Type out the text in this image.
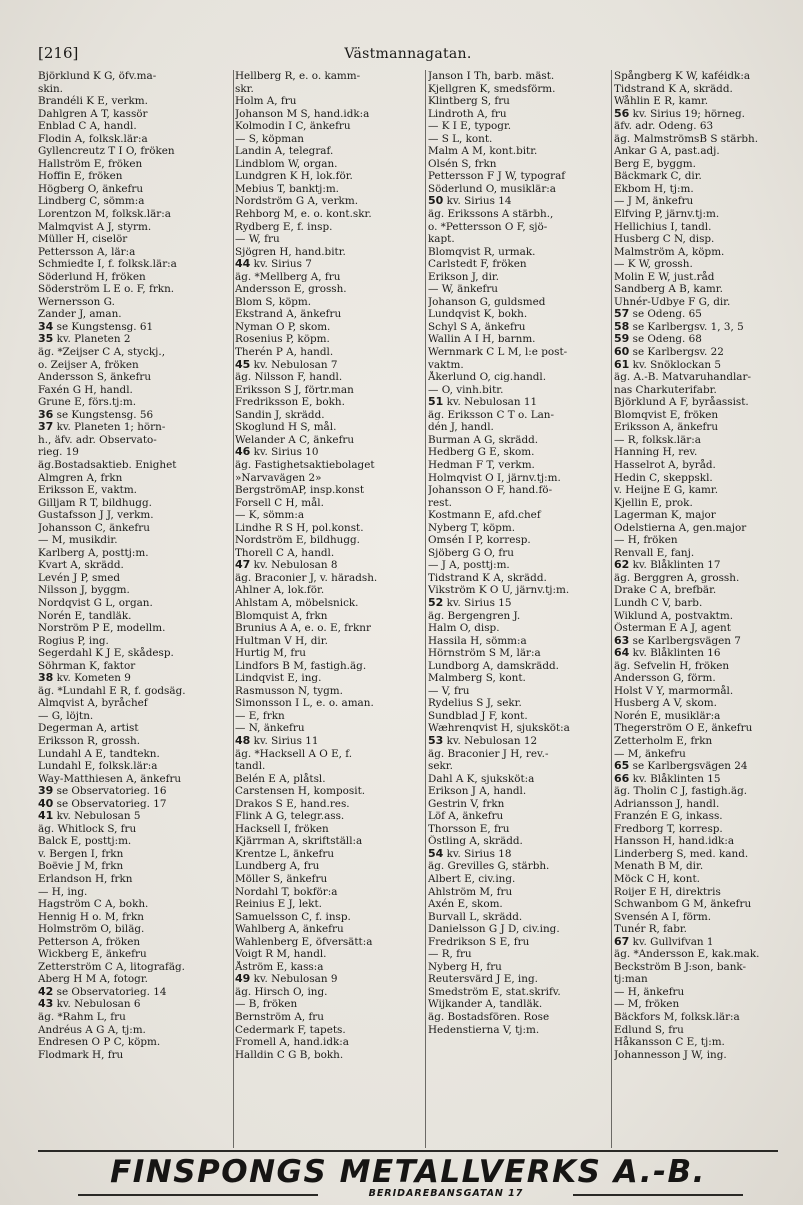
[216]	Västmannagatan.
Björklund K G, öfv.ma-
skin.
Brandéli K E, verkm.
Dahlgren A T, kassör
Enblad C A, handl.
Flodin A, folksk.lär:a
Gyllencreutz T I O, fröken
Hallström E, fröken
Hoffin E, fröken
Högberg O, änkefru
Lindberg C, sömm:a
Lorentzon M, folksk.lär:a
Malmqvist A J, styrm.
Müller H, ciselör
Pettersson A, lär:a
Schmiedte I, f. folksk.lär:a
Söderlund H, fröken
Söderström L E o. F, frkn.
Wernersson G.
Zander J, aman.
34 se Kungstensg. 61
35 kv. Planeten 2
äg. *Zeijser C A, styckj.,
o. Zeijser A, fröken
Andersson S, änkefru
Faxén G H, handl.
Grune E, förs.tj:m.
36 se Kungstensg. 56
37 kv. Planeten 1; hörn-
h., äfv. adr. Observato-
rieg. 19
äg.Bostadsaktieb. Enighet
Almgren A, frkn
Eriksson E, vaktm.
Gilljam R T, bildhugg.
Gustafsson J J, verkm.
Johansson C, änkefru
— M, musikdir.
Karlberg A, posttj:m.
Kvart A, skrädd.
Levén J P, smed
Nilsson J, byggm.
Nordqvist G L, organ.
Norén E, tandläk.
Norström P E, modellm.
Rogius P, ing.
Segerdahl K J E, skådesp.
Söhrman K, faktor
38 kv. Kometen 9
äg. *Lundahl E R, f. godsäg.
Almqvist A, byråchef
— G, löjtn.
Degerman A, artist
Eriksson R, grossh.
Lundahl A E, tandtekn.
Lundahl E, folksk.lär:a
Way-Matthiesen A, änkefru
39 se Observatorieg. 16
40 se Observatorieg. 17
41 kv. Nebulosan 5
äg. Whitlock S, fru
Balck E, posttj:m.
v. Bergen I, frkn
Boëvie J M, frkn
Erlandson H, frkn
— H, ing.
Hagström C A, bokh.
Hennig H o. M, frkn
Holmström O, biläg.
Petterson A, fröken
Wickberg E, änkefru
Zetterström C A, litografäg.
Aberg H M A, fotogr.
42 se Observatorieg. 14
43 kv. Nebulosan 6
äg. *Rahm L, fru
Andréus A G A, tj:m.
Endresen O P C, köpm.
Flodmark H, fru
Hellberg R, e. o. kamm-
skr.
Holm A, fru
Johanson M S, hand.idk:a
Kolmodin I C, änkefru
— S, köpman
Landin A, telegraf.
Lindblom W, organ.
Lundgren K H, lok.för.
Mebius T, banktj:m.
Nordström G A, verkm.
Rehborg M, e. o. kont.skr.
Rydberg E, f. insp.
— W, fru
Sjögren H, hand.bitr.
44 kv. Sirius 7
äg. *Mellberg A, fru
Andersson E, grossh.
Blom S, köpm.
Ekstrand A, änkefru
Nyman O P, skom.
Rosenius P, köpm.
Therén P A, handl.
45 kv. Nebulosan 7
äg. Nilsson F, handl.
Eriksson S J, förtr.man
Fredriksson E, bokh.
Sandin J, skrädd.
Skoglund H S, mål.
Welander A C, änkefru
46 kv. Sirius 10
äg. Fastighetsaktiebolaget
»Narvavägen 2»
BergströmAP, insp.konst
Forsell C H, mål.
— K, sömm:a
Lindhe R S H, pol.konst.
Nordström E, bildhugg.
Thorell C A, handl.
47 kv. Nebulosan 8
äg. Braconier J, v. häradsh.
Ahlner A, lok.för.
Ahlstam A, möbelsnick.
Blomquist A, frkn
Brunius A A, e. o. E, frknr
Hultman V H, dir.
Hurtig M, fru
Lindfors B M, fastigh.äg.
Lindqvist E, ing.
Rasmusson N, tygm.
Simonsson I L, e. o. aman.
— E, frkn
— N, änkefru
48 kv. Sirius 11
äg. *Hacksell A O E, f.
tandl.
Belén E A, plåtsl.
Carstensen H, komposit.
Drakos S E, hand.res.
Flink A G, telegr.ass.
Hacksell I, fröken
Kjärrman A, skriftställ:a
Krentze L, änkefru
Lundberg A, fru
Möller S, änkefru
Nordahl T, bokför:a
Reinius E J, lekt.
Samuelsson C, f. insp.
Wahlberg A, änkefru
Wahlenberg E, öfversätt:a
Voigt R M, handl.
Åström E, kass:a
49 kv. Nebulosan 9
äg. Hirsch O, ing.
— B, fröken
Bernström A, fru
Cedermark F, tapets.
Fromell A, hand.idk:a
Halldin C G B, bokh.
Janson I Th, barb. mäst.
Kjellgren K, smedsförm.
Klintberg S, fru
Lindroth A, fru
— K I E, typogr.
— S L, kont.
Malm A M, kont.bitr.
Olsén S, frkn
Pettersson F J W, typograf
Söderlund O, musiklär:a
50 kv. Sirius 14
äg. Erikssons A stärbh.,
o. *Pettersson O F, sjö-
kapt.
Blomqvist R, urmak.
Carlstedt F, fröken
Erikson J, dir.
— W, änkefru
Johanson G, guldsmed
Lundqvist K, bokh.
Schyl S A, änkefru
Wallin A I H, barnm.
Wernmark C L M, l:e post-
vaktm.
Åkerlund O, cig.handl.
— O, vinh.bitr.
51 kv. Nebulosan 11
äg. Eriksson C T o. Lan-
dén J, handl.
Burman A G, skrädd.
Hedberg G E, skom.
Hedman F T, verkm.
Holmqvist O I, järnv.tj:m.
Johansson O F, hand.fö-
rest.
Kostmann E, afd.chef
Nyberg T, köpm.
Omsén I P, korresp.
Sjöberg G O, fru
— J A, posttj:m.
Tidstrand K A, skrädd.
Vikström K O U, järnv.tj:m.
52 kv. Sirius 15
äg. Bergengren J.
Halm O, disp.
Hassila H, sömm:a
Hörnström S M, lär:a
Lundborg A, damskrädd.
Malmberg S, kont.
— V, fru
Rydelius S J, sekr.
Sundblad J F, kont.
Wæhrenqvist H, sjuksköt:a
53 kv. Nebulosan 12
äg. Braconier J H, rev.-
sekr.
Dahl A K, sjuksköt:a
Erikson J A, handl.
Gestrin V, frkn
Löf A, änkefru
Thorsson E, fru
Östling A, skrädd.
54 kv. Sirius 18
äg. Grevilles G, stärbh.
Albert E, civ.ing.
Ahlström M, fru
Axén E, skom.
Burvall L, skrädd.
Danielsson G J D, civ.ing.
Fredrikson S E, fru
— R, fru
Nyberg H, fru
Reutersvärd J E, ing.
Smedström E, stat.skrifv.
Wijkander A, tandläk.
äg. Bostadsfören. Rose
Hedenstierna V, tj:m.
Spångberg K W, kaféidk:a
Tidstrand K A, skrädd.
Wåhlin E R, kamr.
56 kv. Sirius 19; hörneg.
äfv. adr. Odeng. 63
äg. MalmströmsB S stärbh.
Ankar G A, past.adj.
Berg E, byggm.
Bäckmark C, dir.
Ekbom H, tj:m.
— J M, änkefru
Elfving P, järnv.tj:m.
Hellichius I, tandl.
Husberg C N, disp.
Malmström A, köpm.
— K W, grossh.
Molin E W, just.råd
Sandberg A B, kamr.
Uhnér-Udbye F G, dir.
57 se Odeng. 65
58 se Karlbergsv. 1, 3, 5
59 se Odeng. 68
60 se Karlbergsv. 22
61 kv. Snöklockan 5
äg. A.-B. Matvaruhandlar-
nas Charkuterifabr.
Björklund A F, byråassist.
Blomqvist E, fröken
Eriksson A, änkefru
— R, folksk.lär:a
Hanning H, rev.
Hasselrot A, byråd.
Hedin C, skeppskl.
v. Heijne E G, kamr.
Kjellin E, prok.
Lagerman K, major
Odelstierna A, gen.major
— H, fröken
Renvall E, fanj.
62 kv. Blåklinten 17
äg. Berggren A, grossh.
Drake C A, brefbär.
Lundh C V, barb.
Wiklund A, postvaktm.
Österman E A J, agent
63 se Karlbergsvägen 7
64 kv. Blåklinten 16
äg. Sefvelin H, fröken
Andersson G, förm.
Holst V Y, marmormål.
Husberg A V, skom.
Norén E, musiklär:a
Thegerström O E, änkefru
Zetterholm E, frkn
— M, änkefru
65 se Karlbergsvägen 24
66 kv. Blåklinten 15
äg. Tholin C J, fastigh.äg.
Adriansson J, handl.
Franzén E G, inkass.
Fredborg T, korresp.
Hansson H, hand.idk:a
Linderberg S, med. kand.
Menath B M, dir.
Möck C H, kont.
Roijer E H, direktris
Schwanbom G M, änkefru
Svensén A I, förm.
Tunér R, fabr.
67 kv. Gullvifvan 1
äg. *Andersson E, kak.mak.
Beckström B J:son, bank-
tj:man
— H, änkefru
— M, fröken
Bäckfors M, folksk.lär:a
Edlund S, fru
Håkansson C E, tj:m.
Johannesson J W, ing.
FINSPONGS METALLVERKS A.-B.
BERIDAREBANSGATAN 17
